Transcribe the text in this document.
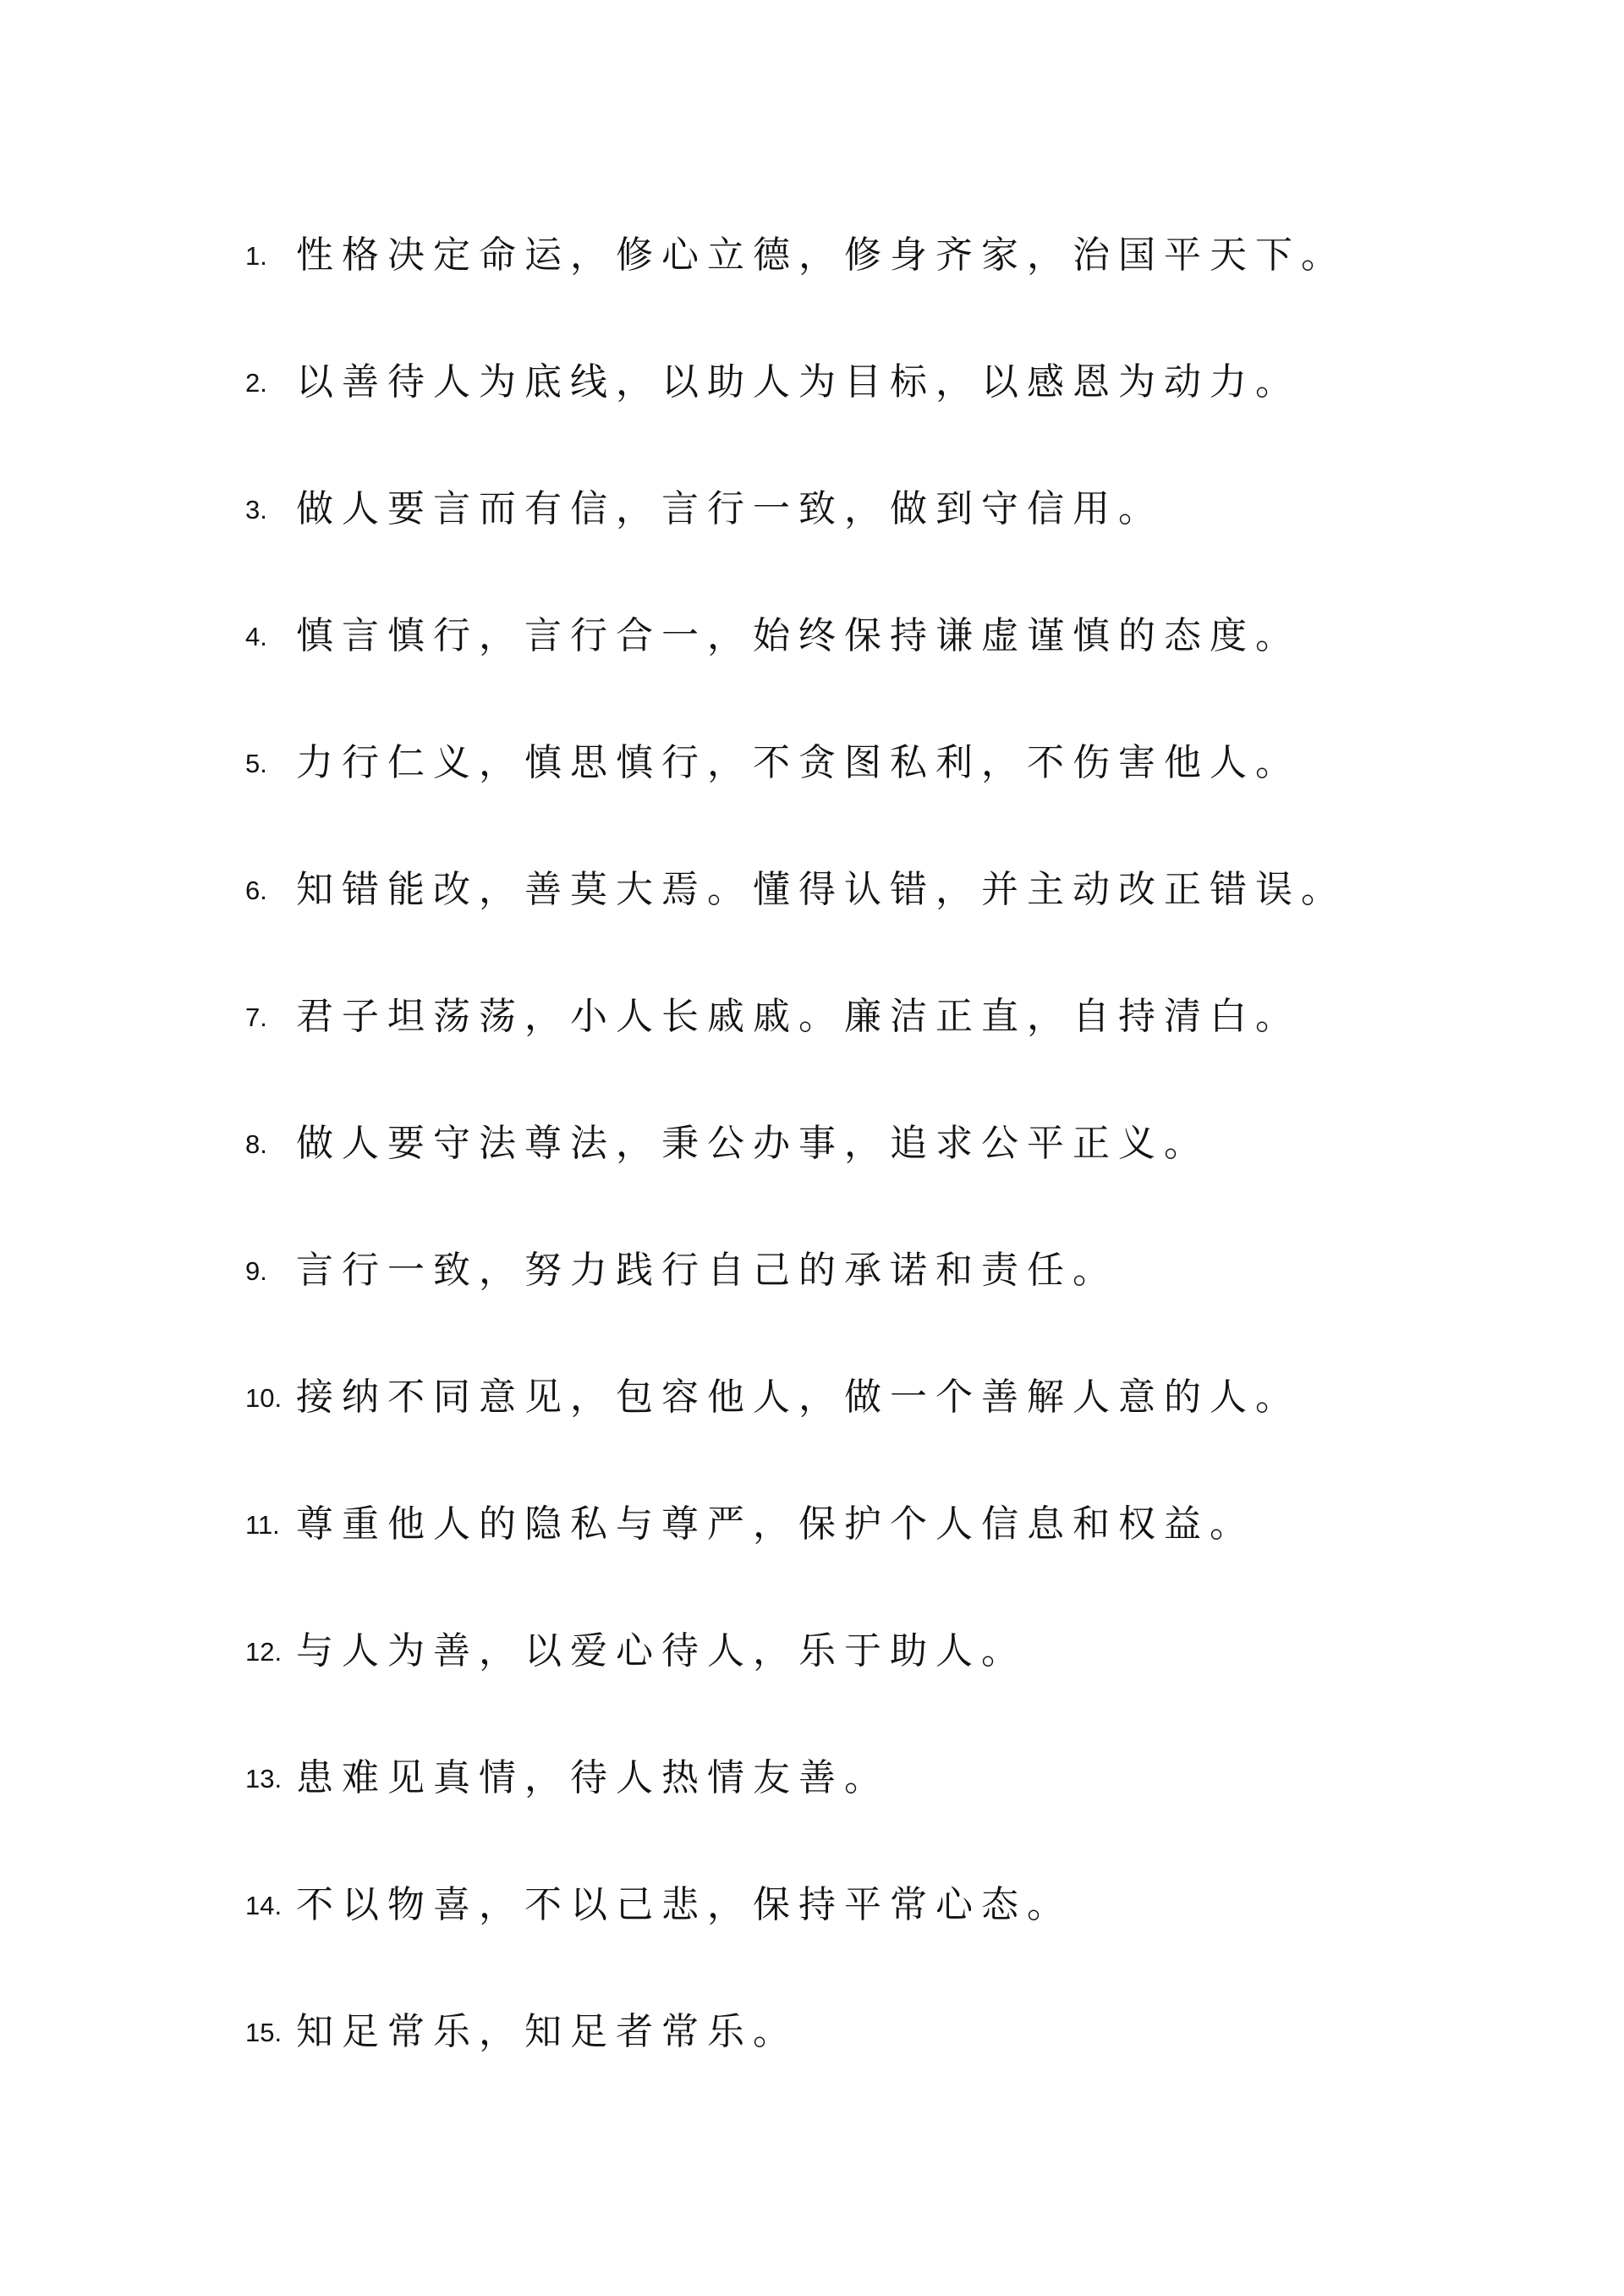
1. 性格决定命运，修心立德，修身齐家，治国平天下。
2. 以善待人为底线，以助人为目标，以感恩为动力。
3. 做人要言而有信，言行一致，做到守信用。
4. 慎言慎行，言行合一，始终保持谦虚谨慎的态度。
5. 力行仁义，慎思慎行，不贪图私利，不伤害他人。
6. 知错能改，善莫大焉。懂得认错，并主动改正错误。
7. 君子坦荡荡，小人长戚戚。廉洁正直，自持清白。
8. 做人要守法尊法，秉公办事，追求公平正义。
9. 言行一致，努力践行自己的承诺和责任。
10. 接纳不同意见，包容他人，做一个善解人意的人。
11. 尊重他人的隐私与尊严，保护个人信息和权益。
12. 与人为善，以爱心待人，乐于助人。
13. 患难见真情，待人热情友善。
14. 不以物喜，不以己悲，保持平常心态。
15. 知足常乐，知足者常乐。
